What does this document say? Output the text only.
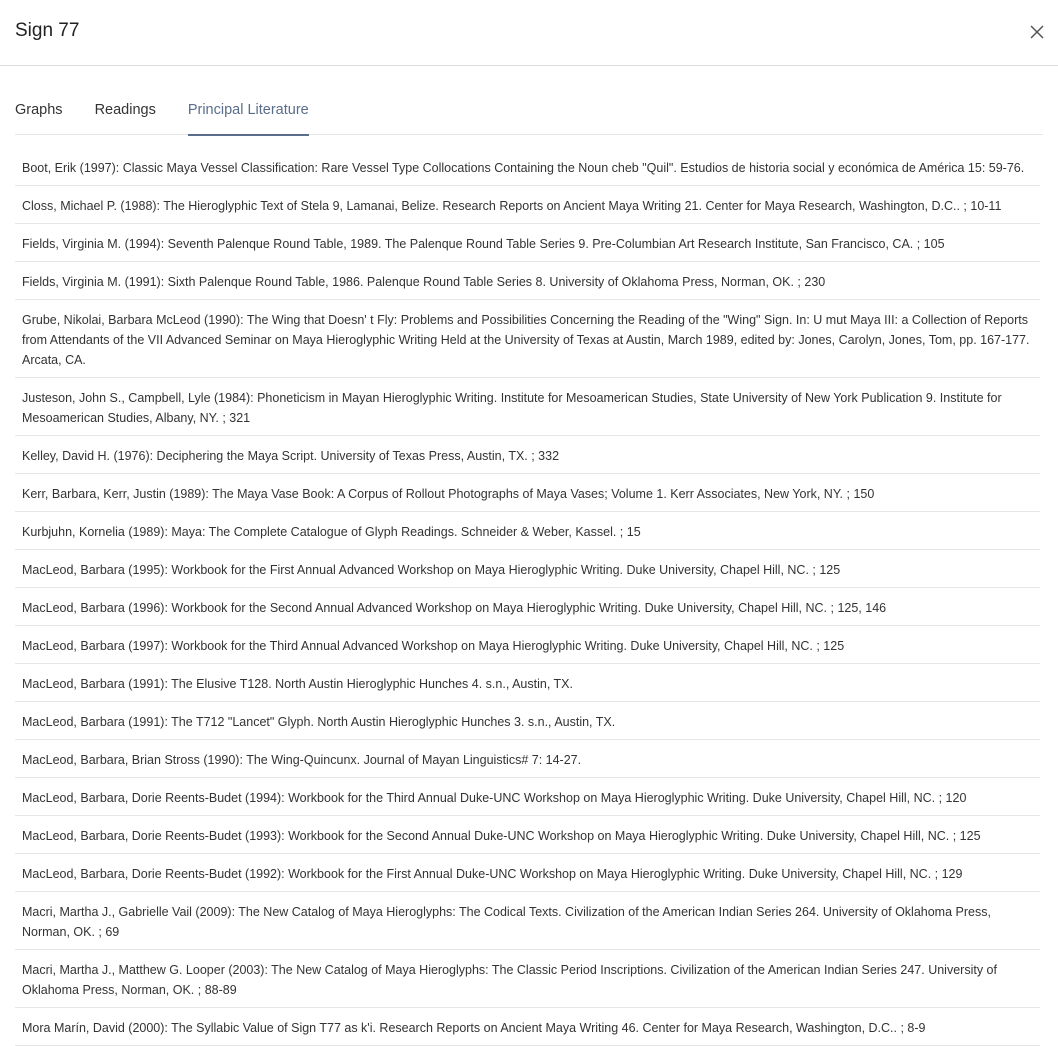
Sign 77
Graphs Readings Principal Literature
Boot, Erik (1997): Classic Maya Vessel Classification: Rare Vessel Type Collocations Containing the Noun cheb "Quil". Estudios de historia social y económica de América 15: 59-76.
Closs, Michael P. (1988): The Hieroglyphic Text of Stela 9, Lamanai, Belize. Research Reports on Ancient Maya Writing 21. Center for Maya Research, Washington, D.C.. ; 10-11
Fields, Virginia M. (1994): Seventh Palenque Round Table, 1989. The Palenque Round Table Series 9. Pre-Columbian Art Research Institute, San Francisco, CA. ; 105
Fields, Virginia M. (1991): Sixth Palenque Round Table, 1986. Palenque Round Table Series 8. University of Oklahoma Press, Norman, OK. ; 230
Grube, Nikolai, Barbara McLeod (1990): The Wing that Doesn' t Fly: Problems and Possibilities Concerning the Reading of the "Wing" Sign. In: U mut Maya III: a Collection of Reports from Attendants of the VII Advanced Seminar on Maya Hieroglyphic Writing Held at the University of Texas at Austin, March 1989, edited by: Jones, Carolyn, Jones, Tom, pp. 167-177. Arcata, CA.
Justeson, John S., Campbell, Lyle (1984): Phoneticism in Mayan Hieroglyphic Writing. Institute for Mesoamerican Studies, State University of New York Publication 9. Institute for Mesoamerican Studies, Albany, NY. ; 321
Kelley, David H. (1976): Deciphering the Maya Script. University of Texas Press, Austin, TX. ; 332
Kerr, Barbara, Kerr, Justin (1989): The Maya Vase Book: A Corpus of Rollout Photographs of Maya Vases; Volume 1. Kerr Associates, New York, NY. ; 150
Kurbjuhn, Kornelia (1989): Maya: The Complete Catalogue of Glyph Readings. Schneider & Weber, Kassel. ; 15
MacLeod, Barbara (1995): Workbook for the First Annual Advanced Workshop on Maya Hieroglyphic Writing. Duke University, Chapel Hill, NC. ; 125
MacLeod, Barbara (1996): Workbook for the Second Annual Advanced Workshop on Maya Hieroglyphic Writing. Duke University, Chapel Hill, NC. ; 125, 146
MacLeod, Barbara (1997): Workbook for the Third Annual Advanced Workshop on Maya Hieroglyphic Writing. Duke University, Chapel Hill, NC. ; 125
MacLeod, Barbara (1991): The Elusive T128. North Austin Hieroglyphic Hunches 4. s.n., Austin, TX.
MacLeod, Barbara (1991): The T712 "Lancet" Glyph. North Austin Hieroglyphic Hunches 3. s.n., Austin, TX.
MacLeod, Barbara, Brian Stross (1990): The Wing-Quincunx. Journal of Mayan Linguistics# 7: 14-27.
MacLeod, Barbara, Dorie Reents-Budet (1994): Workbook for the Third Annual Duke-UNC Workshop on Maya Hieroglyphic Writing. Duke University, Chapel Hill, NC. ; 120
MacLeod, Barbara, Dorie Reents-Budet (1993): Workbook for the Second Annual Duke-UNC Workshop on Maya Hieroglyphic Writing. Duke University, Chapel Hill, NC. ; 125
MacLeod, Barbara, Dorie Reents-Budet (1992): Workbook for the First Annual Duke-UNC Workshop on Maya Hieroglyphic Writing. Duke University, Chapel Hill, NC. ; 129
Macri, Martha J., Gabrielle Vail (2009): The New Catalog of Maya Hieroglyphs: The Codical Texts. Civilization of the American Indian Series 264. University of Oklahoma Press, Norman, OK. ; 69
Macri, Martha J., Matthew G. Looper (2003): The New Catalog of Maya Hieroglyphs: The Classic Period Inscriptions. Civilization of the American Indian Series 247. University of Oklahoma Press, Norman, OK. ; 88-89
Mora Marín, David (2000): The Syllabic Value of Sign T77 as k'i. Research Reports on Ancient Maya Writing 46. Center for Maya Research, Washington, D.C.. ; 8-9
